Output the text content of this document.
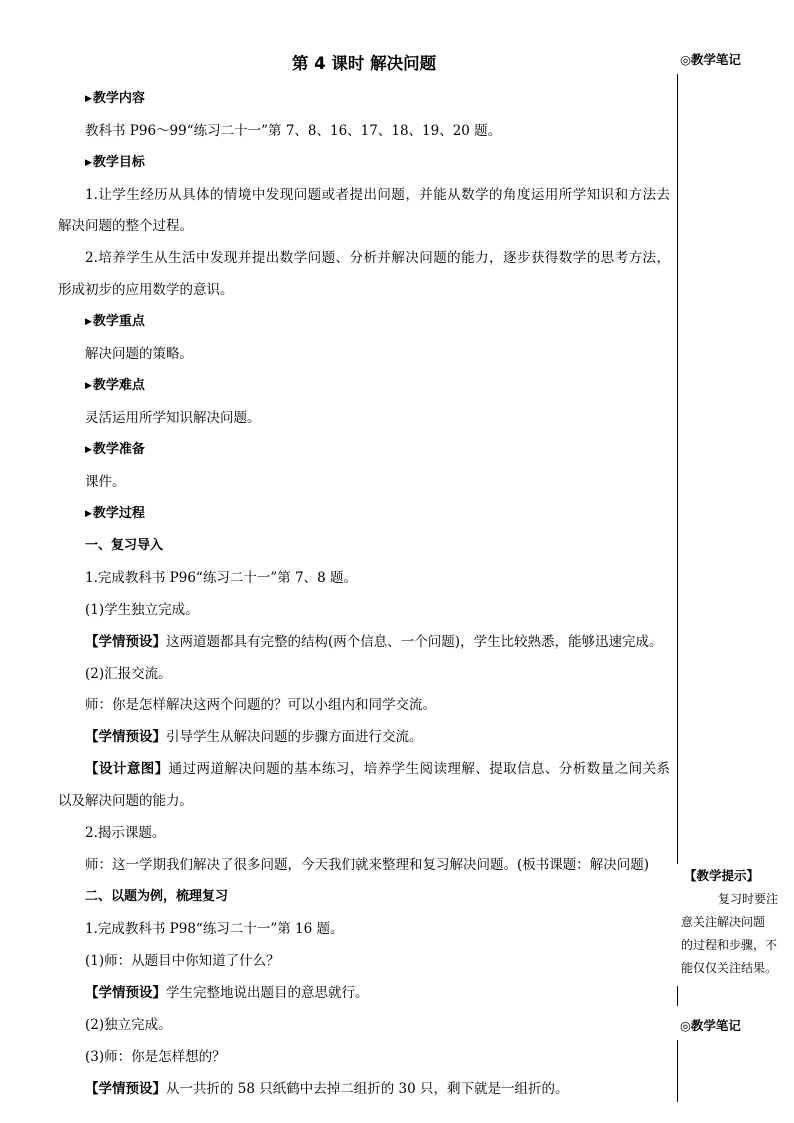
第 4 课时 解决问题
▶教学内容
教科书 P96～99“练习二十一”第 7、8、16、17、18、19、20 题。
▶教学目标
1.让学生经历从具体的情境中发现问题或者提出问题，并能从数学的角度运用所学知识和方法去
解决问题的整个过程。
2.培养学生从生活中发现并提出数学问题、分析并解决问题的能力，逐步获得数学的思考方法，
形成初步的应用数学的意识。
▶教学重点
解决问题的策略。
▶教学难点
灵活运用所学知识解决问题。
▶教学准备
课件。
▶教学过程
一、复习导入
1.完成教科书 P96“练习二十一”第 7、8 题。
(1)学生独立完成。
【学情预设】这两道题都具有完整的结构(两个信息、一个问题)，学生比较熟悉，能够迅速完成。
(2)汇报交流。
师：你是怎样解决这两个问题的？可以小组内和同学交流。
【学情预设】引导学生从解决问题的步骤方面进行交流。
【设计意图】通过两道解决问题的基本练习，培养学生阅读理解、提取信息、分析数量之间关系
以及解决问题的能力。
2.揭示课题。
师：这一学期我们解决了很多问题，今天我们就来整理和复习解决问题。(板书课题：解决问题)
二、以题为例，梳理复习
1.完成教科书 P98“练习二十一”第 16 题。
(1)师：从题目中你知道了什么？
【学情预设】学生完整地说出题目的意思就行。
(2)独立完成。
(3)师：你是怎样想的？
【学情预设】从一共折的 58 只纸鹤中去掉二组折的 30 只，剩下就是一组折的。
◎教学笔记
【教学提示】
复习时要注
意关注解决问题
的过程和步骤，不
能仅仅关注结果。
◎教学笔记
